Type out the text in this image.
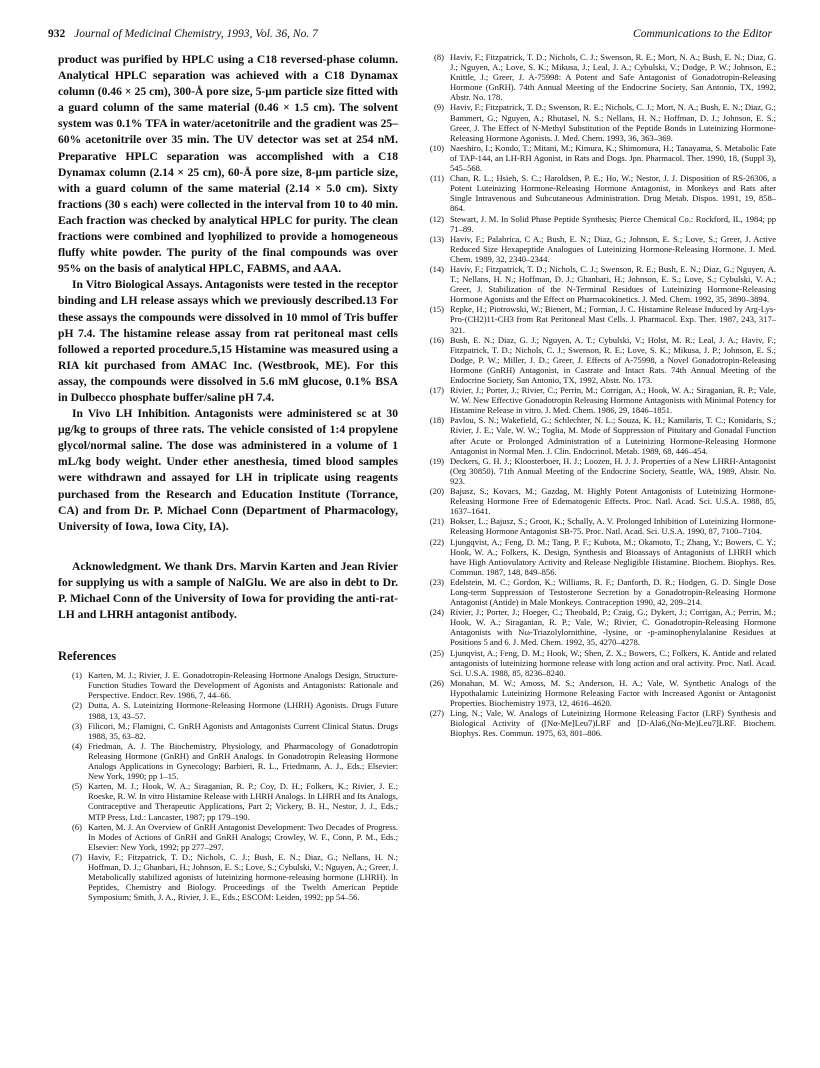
932 Journal of Medicinal Chemistry, 1993, Vol. 36, No. 7	Communications to the Editor

product was purified by HPLC using a C18 reversed-phase column. Analytical HPLC separation was achieved with a C18 Dynamax column (0.46 × 25 cm), 300-Å pore size, 5-µm particle size fitted with a guard column of the same material (0.46 × 1.5 cm). The solvent system was 0.1% TFA in water/acetonitrile and the gradient was 25–60% acetonitrile over 35 min. The UV detector was set at 254 nM. Preparative HPLC separation was accomplished with a C18 Dynamax column (2.14 × 25 cm), 60-Å pore size, 8-µm particle size, with a guard column of the same material (2.14 × 5.0 cm). Sixty fractions (30 s each) were collected in the interval from 10 to 40 min. Each fraction was checked by analytical HPLC for purity. The clean fractions were combined and lyophilized to provide a homogeneous fluffy white powder. The purity of the final compounds was over 95% on the basis of analytical HPLC, FABMS, and AAA.

In Vitro Biological Assays. Antagonists were tested in the receptor binding and LH release assays which we previously described.13 For these assays the compounds were dissolved in 10 mmol of Tris buffer pH 7.4. The histamine release assay from rat peritoneal mast cells followed a reported procedure.5,15 Histamine was measured using a RIA kit purchased from AMAC Inc. (Westbrook, ME). For this assay, the compounds were dissolved in 5.6 mM glucose, 0.1% BSA in Dulbecco phosphate buffer/saline pH 7.4.

In Vivo LH Inhibition. Antagonists were administered sc at 30 µg/kg to groups of three rats. The vehicle consisted of 1:4 propylene glycol/normal saline. The dose was administered in a volume of 1 mL/kg body weight. Under ether anesthesia, timed blood samples were withdrawn and assayed for LH in triplicate using reagents purchased from the Research and Education Institute (Torrance, CA) and from Dr. P. Michael Conn (Department of Pharmacology, University of Iowa, Iowa City, IA).

Acknowledgment. We thank Drs. Marvin Karten and Jean Rivier for supplying us with a sample of NalGlu. We are also in debt to Dr. P. Michael Conn of the University of Iowa for providing the anti-rat-LH and LHRH antagonist antibody.

References
(1) Karten, M. J.; Rivier, J. E. Gonadotropin-Releasing Hormone Analogs Design, Structure-Function Studies Toward the Development of Agonists and Antagonists: Rationale and Perspective. Endocr. Rev. 1986, 7, 44–66.
(2) Dutta, A. S. Luteinizing Hormone-Releasing Hormone (LHRH) Agonists. Drugs Future 1988, 13, 43–57.
(3) Filicori, M.; Flamigni, C. GnRH Agonists and Antagonists Current Clinical Status. Drugs 1988, 35, 63–82.
(4) Friedman, A. J. The Biochemistry, Physiology, and Pharmacology of Gonadotropin Releasing Hormone (GnRH) and GnRH Analogs. In Gonadotropin Releasing Hormone Analogs Applications in Gynecology; Barbieri, R. L., Friedmann, A. J., Eds.; Elsevier: New York, 1990; pp 1–15.
(5) Karten, M. J.; Hook, W. A.; Siraganian, R. P.; Coy, D. H.; Folkers, K.; Rivier, J. E.; Roeske, R. W. In vitro Histamine Release with LHRH Analogs. In LHRH and Its Analogs, Contraceptive and Therapeutic Applications, Part 2; Vickery, B. H., Nestor, J. J., Eds.; MTP Press, Ltd.: Lancaster, 1987; pp 179–190.
(6) Karten, M. J. An Overview of GnRH Antagonist Development: Two Decades of Progress. In Modes of Actions of GnRH and GnRH Analogs; Crowley, W. F., Conn, P. M., Eds.; Elsevier: New York, 1992; pp 277–297.
(7) Haviv, F.; Fitzpatrick, T. D.; Nichols, C. J.; Bush, E. N.; Diaz, G.; Nellans, H. N.; Hoffman, D. J.; Ghanbari, H.; Johnson, E. S.; Love, S.; Cybulski, V.; Nguyen, A.; Greer, J. Metabolically stabilized agonists of luteinizing hormone-releasing hormone (LHRH). In Peptides, Chemistry and Biology. Proceedings of the Twelth American Peptide Symposium; Smith, J. A., Rivier, J. E., Eds.; ESCOM: Leiden, 1992; pp 54–56.
(8) Haviv, F.; Fitzpatrick, T. D.; Nichols, C. J.; Swenson, R. E.; Mort, N. A.; Bush, E. N.; Diaz, G. J.; Nguyen, A.; Love, S. K.; Mikusa, J.; Leal, J. A.; Cybulski, V.; Dodge, P. W.; Johnson, E.; Knittle, J.; Greer, J. A-75998: A Potent and Safe Antagonist of Gonadotropin-Releasing Hormone (GnRH). 74th Annual Meeting of the Endocrine Society, San Antonio, TX, 1992, Abstr. No. 178.
(9) Haviv, F.; Fitzpatrick, T. D.; Swenson, R. E.; Nichols, C. J.; Mort, N. A.; Bush, E. N.; Diaz, G.; Bammert, G.; Nguyen, A.; Rhutasel, N. S.; Nellans, H. N.; Hoffman, D. J.; Johnson, E. S.; Greer, J. The Effect of N-Methyl Substitution of the Peptide Bonds in Luteinizing Hormone-Releasing Hormone Agonists. J. Med. Chem. 1993, 36, 363–369.
(10) Naeshiro, I.; Kondo, T.; Mitani, M.; Kimura, K.; Shimomura, H.; Tanayama, S. Metabolic Fate of TAP-144, an LH-RH Agonist, in Rats and Dogs. Jpn. Pharmacol. Ther. 1990, 18, (Suppl 3), 545–568.
(11) Chan, R. L.; Hsieh, S. C.; Haroldsen, P. E.; Ho, W.; Nestor, J. J. Disposition of RS-26306, a Potent Luteinizing Hormone-Releasing Hormone Antagonist, in Monkeys and Rats after Single Intravenous and Subcutaneous Administration. Drug Metab. Dispos. 1991, 19, 858–864.
(12) Stewart, J. M. In Solid Phase Peptide Synthesis; Pierce Chemical Co.: Rockford, IL, 1984; pp 71–89.
(13) Haviv, F.; Palabrica, C A.; Bush, E. N.; Diaz, G.; Johnson, E. S.; Love, S.; Greer, J. Active Reduced Size Hexapeptide Analogues of Luteinizing Hormone-Releasing Hormone. J. Med. Chem. 1989, 32, 2340–2344.
(14) Haviv, F.; Fitzpatrick, T. D.; Nichols, C. J.; Swenson, R. E.; Bush, E. N.; Diaz, G.; Nguyen, A. T.; Nellans, H. N.; Hoffman, D. J.; Ghanbari, H.; Johnson, E. S.; Love, S.; Cybulski, V. A.; Greer, J. Stabilization of the N-Terminal Residues of Luteinizing Hormone-Releasing Hormone Agonists and the Effect on Pharmacokinetics. J. Med. Chem. 1992, 35, 3890–3894.
(15) Repke, H.; Piotrowski, W.; Bienert, M.; Forman, J. C. Histamine Release Induced by Arg-Lys-Pro-(CH2)11-CH3 from Rat Peritoneal Mast Cells. J. Pharmacol. Exp. Ther. 1987, 243, 317–321.
(16) Bush, E. N.; Diaz, G. J.; Nguyen, A. T.; Cybulski, V.; Holst, M. R.; Leal, J. A.; Haviv, F.; Fitzpatrick, T. D.; Nichols, C. J.; Swenson, R. E.; Love, S. K.; Mikusa, J. P.; Johnson, E. S.; Dodge, P. W.; Miller, J. D.; Greer, J. Effects of A-75998, a Novel Gonadotropin-Releasing Hormone (GnRH) Antagonist, in Castrate and Intact Rats. 74th Annual Meeting of the Endocrine Society, San Antonio, TX, 1992, Abstr. No. 173.
(17) Rivier, J.; Porter, J.; Rivier, C.; Perrin, M.; Corrigan, A.; Hook, W. A.; Siraganian, R. P.; Vale, W. W. New Effective Gonadotropin Releasing Hormone Antagonists with Minimal Potency for Histamine Release in vitro. J. Med. Chem. 1986, 29, 1846–1851.
(18) Pavlou, S. N.; Wakefield, G.; Schlechter, N. L.; Souza, K. H.; Kamilaris, T. C.; Konidaris, S.; Rivier, J. E.; Vale, W. W.; Toglia, M. Mode of Suppression of Pituitary and Gonadal Function after Acute or Prolonged Administration of a Luteinizing Hormone-Releasing Hormone Antagonist in Normal Men. J. Clin. Endocrinol. Metab. 1989, 68, 446–454.
(19) Deckers, G. H. J.; Kloosterboer, H. J.; Loozen, H. J. J. Properties of a New LHRH-Antagonist (Org 30850). 71th Annual Meeting of the Endocrine Society, Seattle, WA, 1989, Abstr. No. 923.
(20) Bajusz, S.; Kovacs, M.; Gazdag, M. Highly Potent Antagonists of Luteinizing Hormone-Releasing Hormone Free of Edematogenic Effects. Proc. Natl. Acad. Sci. U.S.A. 1988, 85, 1637–1641.
(21) Bokser, L.; Bajusz, S.; Groot, K.; Schally, A. V. Prolonged Inhibition of Luteinizing Hormone-Releasing Hormone Antagonist SB-75. Proc. Natl. Acad. Sci. U.S.A. 1990, 87, 7100–7104.
(22) Ljungqvist, A.; Feng, D. M.; Tang, P. F.; Kubota, M.; Okamoto, T.; Zhang, Y.; Bowers, C. Y.; Hook, W. A.; Folkers, K. Design, Synthesis and Bioassays of Antagonists of LHRH which have High Antiovulatory Activity and Release Negligible Histamine. Biochem. Biophys. Res. Commun. 1987, 148, 849–856.
(23) Edelstein, M. C.; Gordon, K.; Williams, R. F.; Danforth, D. R.; Hodgen, G. D. Single Dose Long-term Suppression of Testosterone Secretion by a Gonadotropin-Releasing Hormone Antagonist (Antide) in Male Monkeys. Contraception 1990, 42, 209–214.
(24) Rivier, J.; Porter, J.; Hoeger, C.; Theobald, P.; Craig, G.; Dykert, J.; Corrigan, A.; Perrin, M.; Hook, W. A.; Siraganian, R. P.; Vale, W.; Rivier, C. Gonadotropin-Releasing Hormone Antagonists with Nω-Triazolylornithine, -lysine, or -p-aminophenylalanine Residues at Positions 5 and 6. J. Med. Chem. 1992, 35, 4270–4278.
(25) Ljunqvist, A.; Feng, D. M.; Hook, W.; Shen, Z. X.; Bowers, C.; Folkers, K. Antide and related antagonists of luteinizing hormone release with long action and oral activity. Proc. Natl. Acad. Sci. U.S.A. 1988, 85, 8236–8240.
(26) Monahan, M. W.; Amoss, M. S.; Anderson, H. A.; Vale, W. Synthetic Analogs of the Hypothalamic Luteinizing Hormone Releasing Factor with Increased Agonist or Antagonist Properties. Biochemistry 1973, 12, 4616–4620.
(27) Ling, N.; Vale, W. Analogs of Luteinizing Hormone Releasing Factor (LRF) Synthesis and Biological Activity of ([Nα-Me]Leu7)LRF and [D-Ala6,(Nα-Me)Leu7]LRF. Biochem. Biophys. Res. Commun. 1975, 63, 801–806.
